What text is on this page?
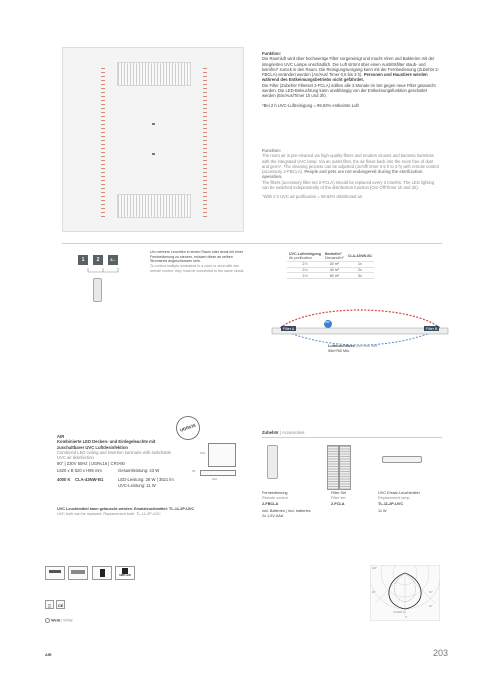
Funktion:
Die Raumluft wird über hochwertige Filter vorgereinigt und macht Viren und Bakterien mit der integrierten UVC Lampe unschädlich. Die Luft strömt über einen Austrittsfilter staub- und keimfrei* zurück in den Raum. Die Reinigungsvorgang kann mit der Fernbedienung (Zubehör 2-FBCLA) verändert werden (An/Aus/ Timer 0,5 bis 3 h). Personen und Haustiere werden während des Entkeimungsbetriebs nicht gefährdet.
Die Filter (Zubehör Filterset 2-FCLA) sollten alle 3 Monate im Set gegen neue Filter getauscht werden. Die LED-Beleuchtung kann unabhängig von der Entkeimungsfunktion geschaltet werden (Ein/Aus/Timer 1h und 3h).
*Bei 2 h UVC-Luftreinigung = 99,92% entkeimte Luft
Function:
The room air is pre-cleaned via high-quality filters and renders viruses and bacteria harmless with the integrated UVC lamp. Via an outlet filter, the air flows back into the room free of dust and germ*. The cleaning process can be adjusted (on/off/ timer 0.5 h to 3 h) with remote control (accessory 2-FBCLA). People and pets are not endangered during the sterilization operation.
The filters (accessory filter set 2-FCLA) should be replaced every 3 months. The LED lighting can be switched independently of the disinfection function (On/ Off/Timer 1h and 3h).
*With 2 h UVC air purification = 99.92% disinfected air
1	2	3...
Um mehrere Leuchten in einem Raum oder Areal mit einer Fernbedienung zu steuern, müssen diese an selben Stromkreis angeschlossen sein.
To control multiple luminaires in a room or area with one remote control, they must be connected to the same circuit.
UVC-Luftreinigung
Air purification	Bedarf/m²
Demand/m²	CLA-43NW-B1
2 h	20 m²	1x
2 h	40 m²	2x
2 h	60 m²	3x
Filter A	Filter B
UVC
Luftdurchfluss | Air flow rate
55m³/60 Min.
UGR≤16
AIR
Kombinierte LED Decken- und Einlegeleuchte mit zuschaltbarer UVC Luftdesinfektion
Combined LED ceiling and insertion luminaire with switchable UVC air disinfection
90° | 230V 50Hz | UGR≤16 | CRI>80
L620 x B 620 x H95 mm	Gesamtleistung: 43 W
4000 K CLA-43NW-B1	LED-Leistung: 28 W | 3521 lm
UVC-Leistung: 11 W
620
95
620
UVC Leuchtmittel kann getauscht werden. Ersatzleuchtmittel: TL-11-2P-UVC
UVC bulb can be replaced. Replacement bulb: TL-11-2P-UVC
Zubehör | Accessories
Fernbedienung
Remote control
2-FBCLA
inkl. Batterien | incl. batteries
2x 1,5V AAA
Filter Set
Filter set
2-FCLA
UVC Ersatz-Leuchtmittel
Replacement lamp
TL-11-2P-UVC
11 W
SMD LED
◫	CE
Weiß | White
cd/1000 lm
180°
90°	60°
30°
0°
AIR	203
